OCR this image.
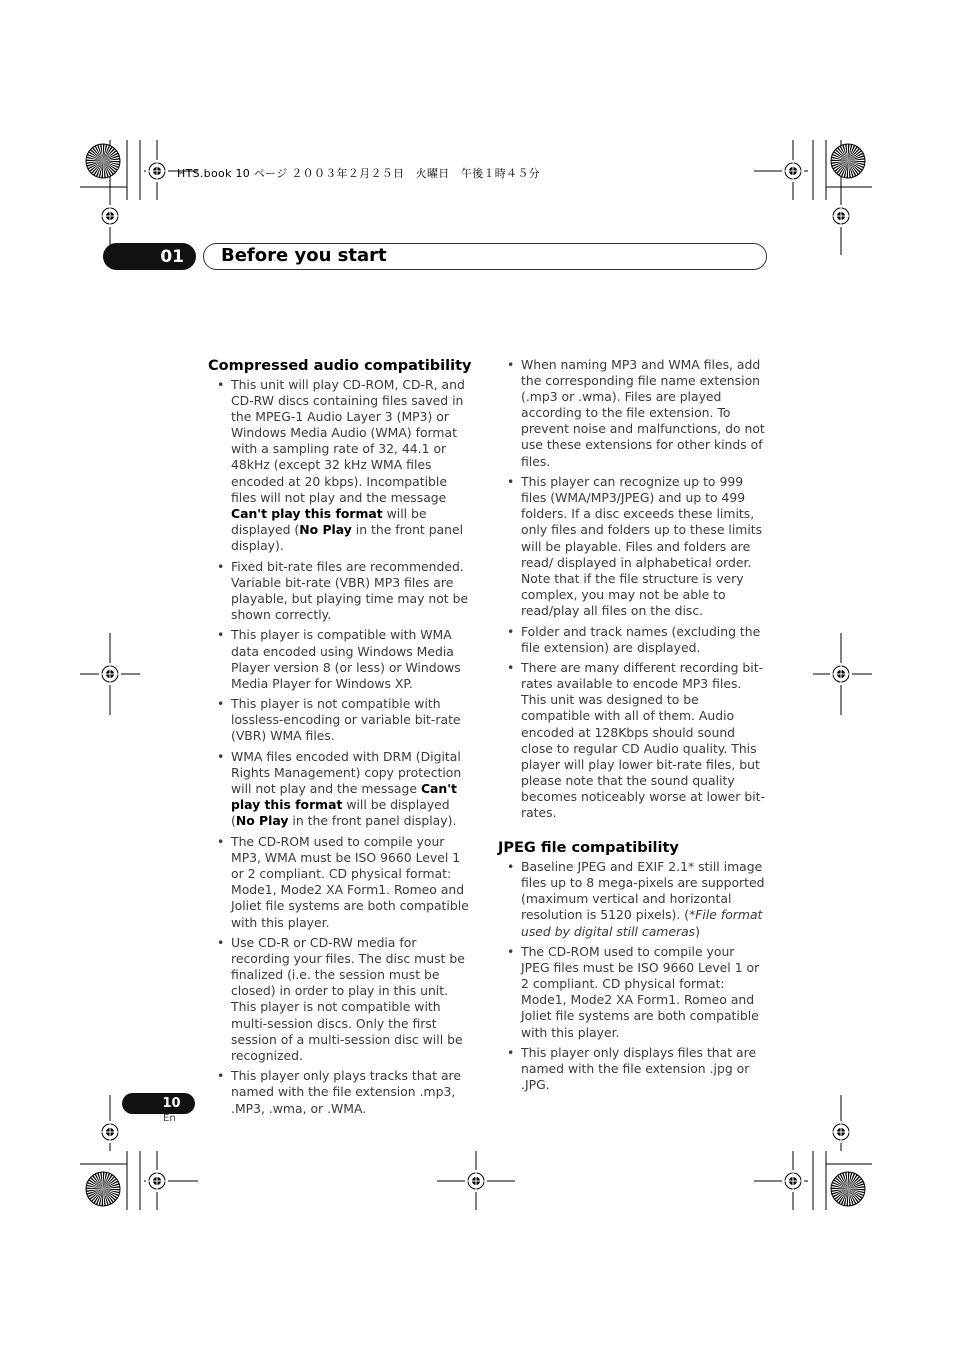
HTS.book 10 ページ ２００３年２月２５日　火曜日　午後１時４５分
01	Before you start
Compressed audio compatibility
• This unit will play CD-ROM, CD-R, and CD-RW discs containing files saved in the MPEG-1 Audio Layer 3 (MP3) or Windows Media Audio (WMA) format with a sampling rate of 32, 44.1 or 48kHz (except 32 kHz WMA files encoded at 20 kbps). Incompatible files will not play and the message Can't play this format will be displayed (No Play in the front panel display).
• Fixed bit-rate files are recommended. Variable bit-rate (VBR) MP3 files are playable, but playing time may not be shown correctly.
• This player is compatible with WMA data encoded using Windows Media Player version 8 (or less) or Windows Media Player for Windows XP.
• This player is not compatible with lossless-encoding or variable bit-rate (VBR) WMA files.
• WMA files encoded with DRM (Digital Rights Management) copy protection will not play and the message Can't play this format will be displayed (No Play in the front panel display).
• The CD-ROM used to compile your MP3, WMA must be ISO 9660 Level 1 or 2 compliant. CD physical format: Mode1, Mode2 XA Form1. Romeo and Joliet file systems are both compatible with this player.
• Use CD-R or CD-RW media for recording your files. The disc must be finalized (i.e. the session must be closed) in order to play in this unit. This player is not compatible with multi-session discs. Only the first session of a multi-session disc will be recognized.
• This player only plays tracks that are named with the file extension .mp3, .MP3, .wma, or .WMA.
• When naming MP3 and WMA files, add the corresponding file name extension (.mp3 or .wma). Files are played according to the file extension. To prevent noise and malfunctions, do not use these extensions for other kinds of files.
• This player can recognize up to 999 files (WMA/MP3/JPEG) and up to 499 folders. If a disc exceeds these limits, only files and folders up to these limits will be playable. Files and folders are read/ displayed in alphabetical order. Note that if the file structure is very complex, you may not be able to read/play all files on the disc.
• Folder and track names (excluding the file extension) are displayed.
• There are many different recording bit-rates available to encode MP3 files. This unit was designed to be compatible with all of them. Audio encoded at 128Kbps should sound close to regular CD Audio quality. This player will play lower bit-rate files, but please note that the sound quality becomes noticeably worse at lower bit-rates.
JPEG file compatibility
• Baseline JPEG and EXIF 2.1* still image files up to 8 mega-pixels are supported (maximum vertical and horizontal resolution is 5120 pixels). (*File format used by digital still cameras)
• The CD-ROM used to compile your JPEG files must be ISO 9660 Level 1 or 2 compliant. CD physical format: Mode1, Mode2 XA Form1. Romeo and Joliet file systems are both compatible with this player.
• This player only displays files that are named with the file extension .jpg or .JPG.
10
En
